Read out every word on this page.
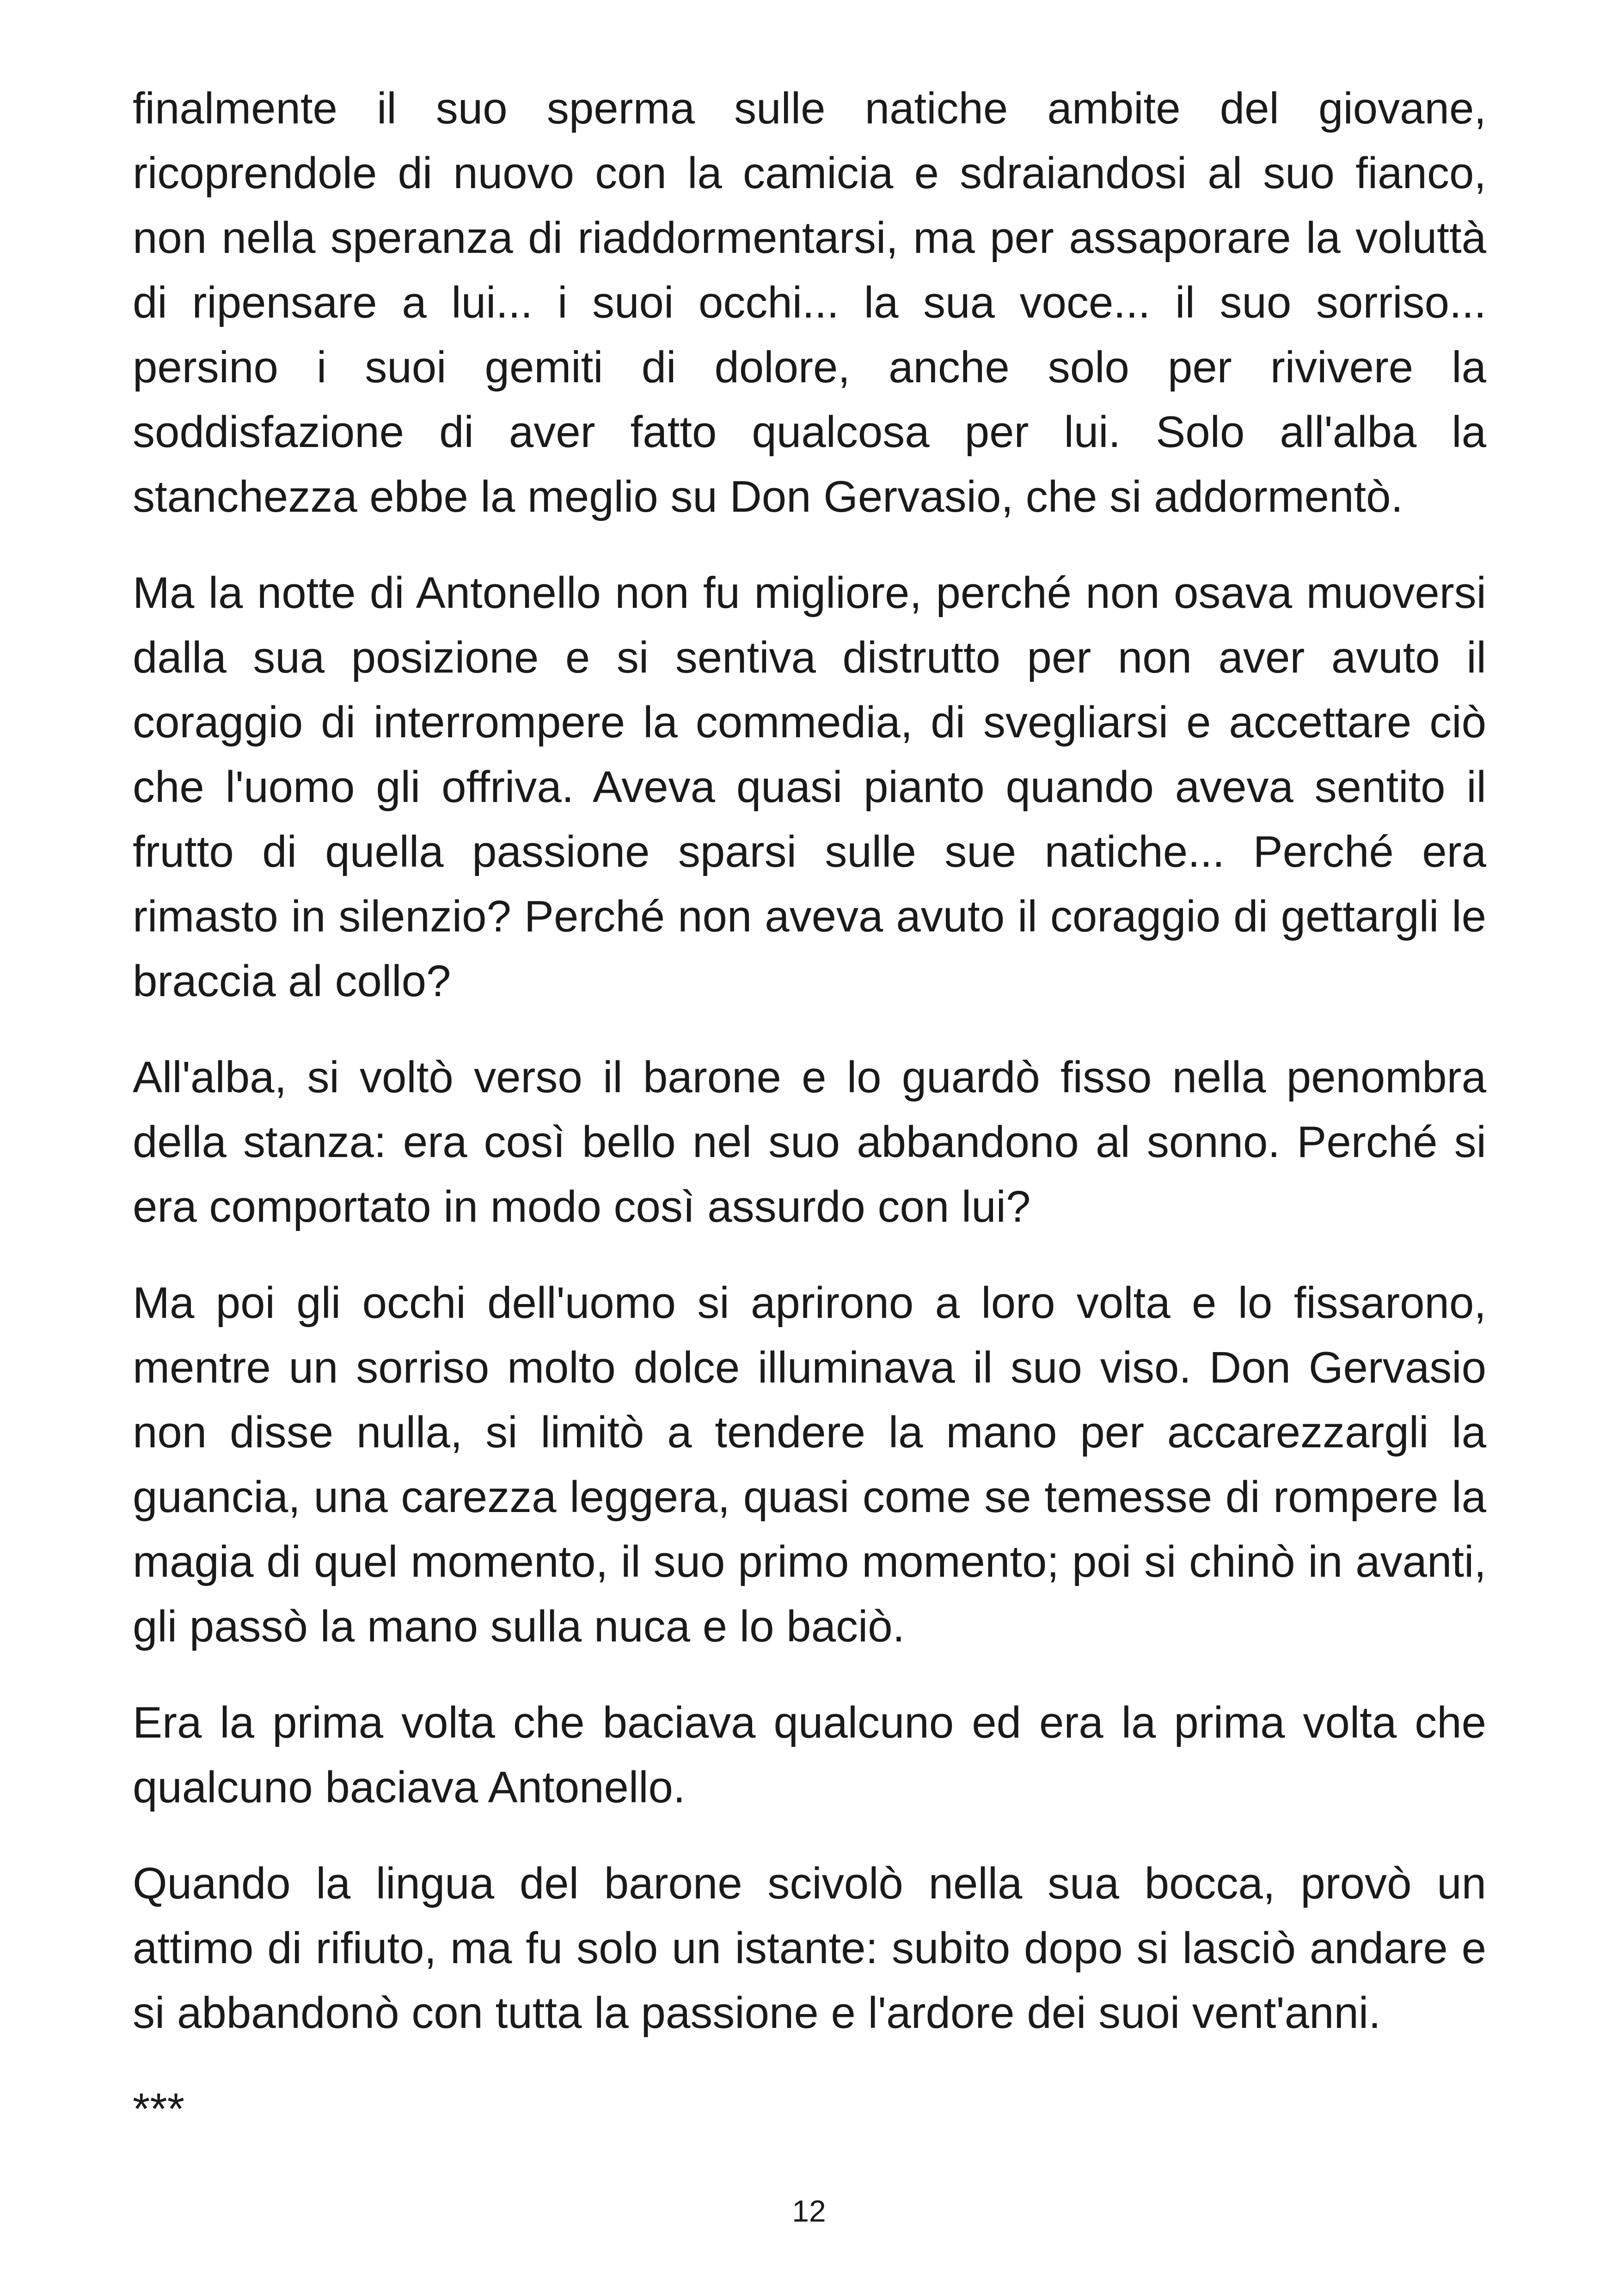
finalmente il suo sperma sulle natiche ambite del giovane, ricoprendole di nuovo con la camicia e sdraiandosi al suo fianco, non nella speranza di riaddormentarsi, ma per assaporare la voluttà di ripensare a lui... i suoi occhi... la sua voce... il suo sorriso... persino i suoi gemiti di dolore, anche solo per rivivere la soddisfazione di aver fatto qualcosa per lui. Solo all'alba la stanchezza ebbe la meglio su Don Gervasio, che si addormentò.

Ma la notte di Antonello non fu migliore, perché non osava muoversi dalla sua posizione e si sentiva distrutto per non aver avuto il coraggio di interrompere la commedia, di svegliarsi e accettare ciò che l'uomo gli offriva. Aveva quasi pianto quando aveva sentito il frutto di quella passione sparsi sulle sue natiche... Perché era rimasto in silenzio? Perché non aveva avuto il coraggio di gettargli le braccia al collo?

All'alba, si voltò verso il barone e lo guardò fisso nella penombra della stanza: era così bello nel suo abbandono al sonno. Perché si era comportato in modo così assurdo con lui?

Ma poi gli occhi dell'uomo si aprirono a loro volta e lo fissarono, mentre un sorriso molto dolce illuminava il suo viso. Don Gervasio non disse nulla, si limitò a tendere la mano per accarezzargli la guancia, una carezza leggera, quasi come se temesse di rompere la magia di quel momento, il suo primo momento; poi si chinò in avanti, gli passò la mano sulla nuca e lo baciò.

Era la prima volta che baciava qualcuno ed era la prima volta che qualcuno baciava Antonello.

Quando la lingua del barone scivolò nella sua bocca, provò un attimo di rifiuto, ma fu solo un istante: subito dopo si lasciò andare e si abbandonò con tutta la passione e l'ardore dei suoi vent'anni.

***

12
